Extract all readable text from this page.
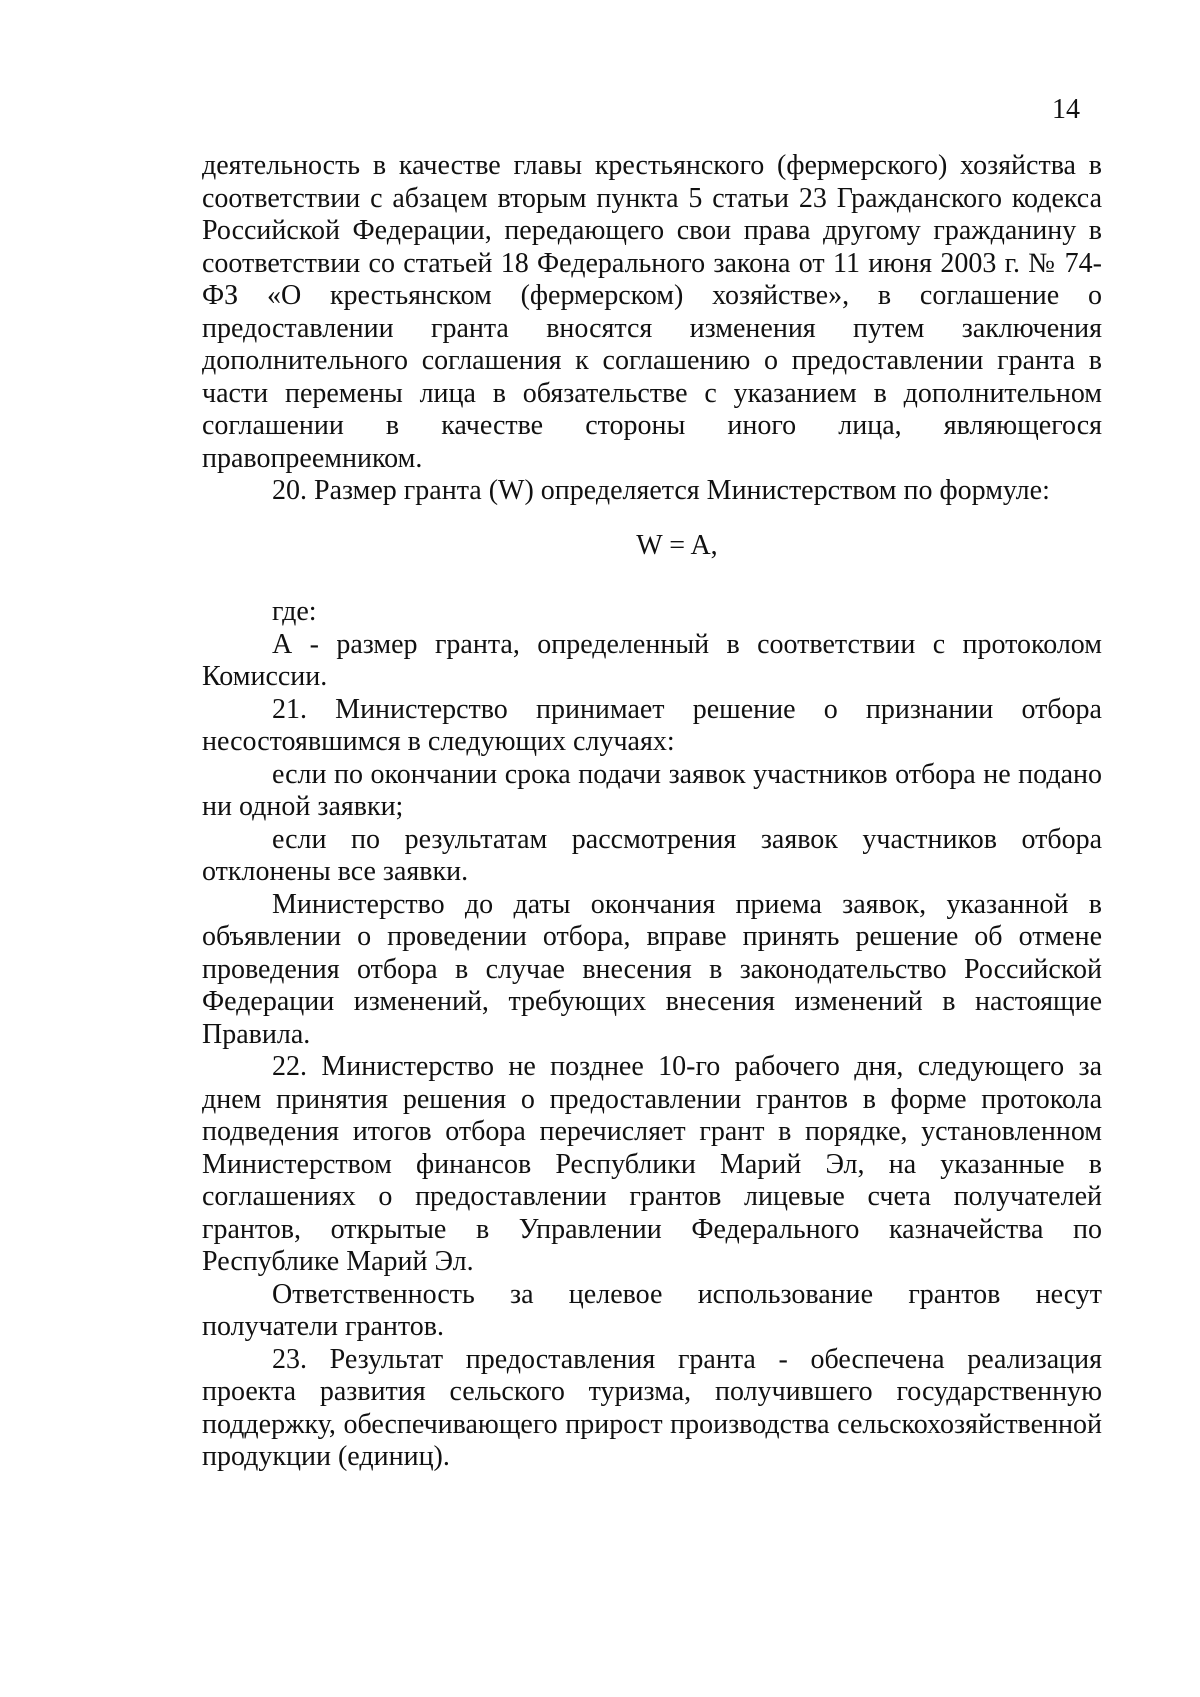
14

деятельность в качестве главы крестьянского (фермерского) хозяйства в соответствии с абзацем вторым пункта 5 статьи 23 Гражданского кодекса Российской Федерации, передающего свои права другому гражданину в соответствии со статьей 18 Федерального закона от 11 июня 2003 г. № 74-ФЗ «О крестьянском (фермерском) хозяйстве», в соглашение о предоставлении гранта вносятся изменения путем заключения дополнительного соглашения к соглашению о предоставлении гранта в части перемены лица в обязательстве с указанием в дополнительном соглашении в качестве стороны иного лица, являющегося правопреемником.

20. Размер гранта (W) определяется Министерством по формуле:

W = A,

где:

А - размер гранта, определенный в соответствии с протоколом Комиссии.

21. Министерство принимает решение о признании отбора несостоявшимся в следующих случаях:

если по окончании срока подачи заявок участников отбора не подано ни одной заявки;

если по результатам рассмотрения заявок участников отбора отклонены все заявки.

Министерство до даты окончания приема заявок, указанной в объявлении о проведении отбора, вправе принять решение об отмене проведения отбора в случае внесения в законодательство Российской Федерации изменений, требующих внесения изменений в настоящие Правила.

22. Министерство не позднее 10-го рабочего дня, следующего за днем принятия решения о предоставлении грантов в форме протокола подведения итогов отбора перечисляет грант в порядке, установленном Министерством финансов Республики Марий Эл, на указанные в соглашениях о предоставлении грантов лицевые счета получателей грантов, открытые в Управлении Федерального казначейства по Республике Марий Эл.

Ответственность за целевое использование грантов несут получатели грантов.

23. Результат предоставления гранта - обеспечена реализация проекта развития сельского туризма, получившего государственную поддержку, обеспечивающего прирост производства сельскохозяйственной продукции (единиц).
